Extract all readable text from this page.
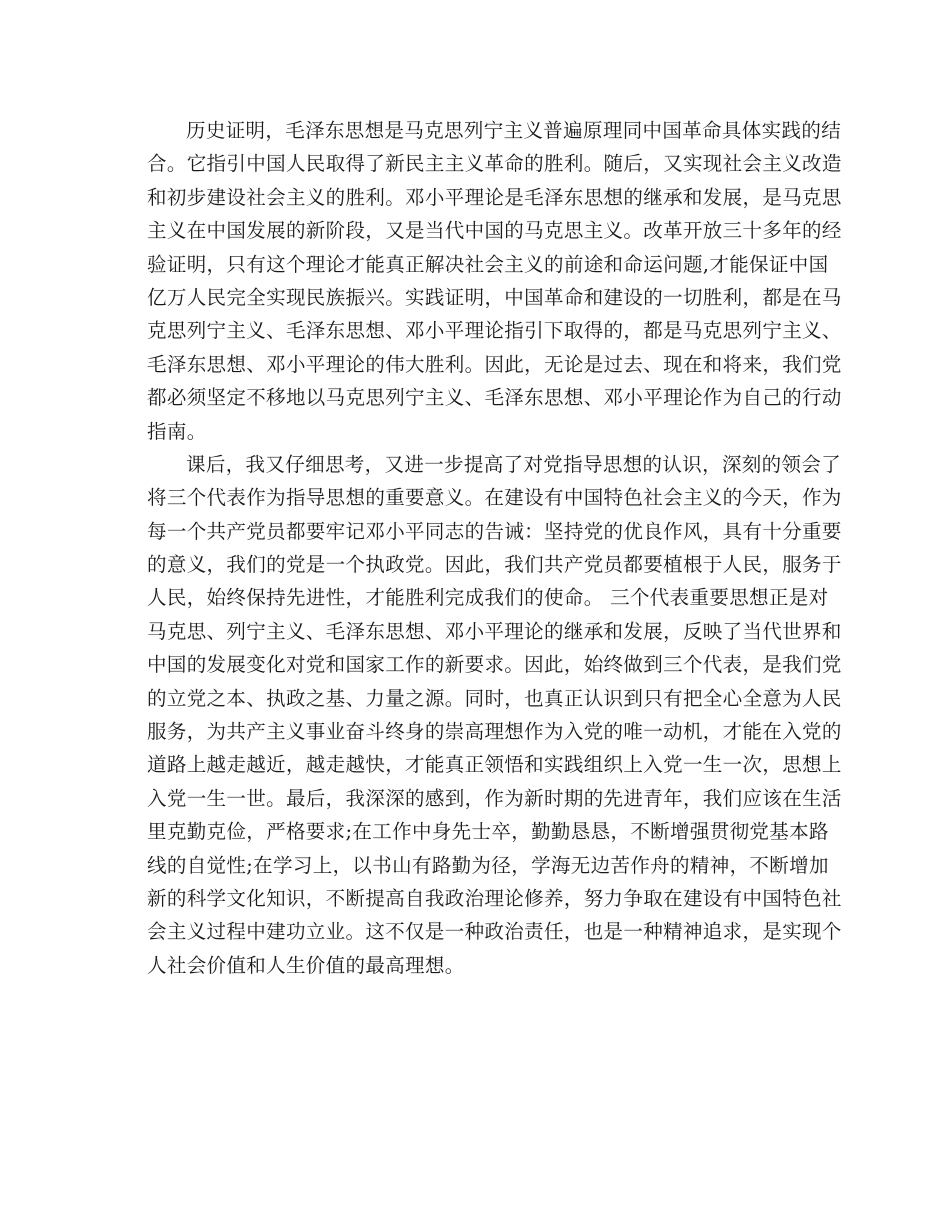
历史证明，毛泽东思想是马克思列宁主义普遍原理同中国革命具体实践的结
合。它指引中国人民取得了新民主主义革命的胜利。随后，又实现社会主义改造
和初步建设社会主义的胜利。邓小平理论是毛泽东思想的继承和发展，是马克思
主义在中国发展的新阶段，又是当代中国的马克思主义。改革开放三十多年的经
验证明，只有这个理论才能真正解决社会主义的前途和命运问题,才能保证中国
亿万人民完全实现民族振兴。实践证明，中国革命和建设的一切胜利，都是在马
克思列宁主义、毛泽东思想、邓小平理论指引下取得的，都是马克思列宁主义、
毛泽东思想、邓小平理论的伟大胜利。因此，无论是过去、现在和将来，我们党
都必须坚定不移地以马克思列宁主义、毛泽东思想、邓小平理论作为自己的行动
指南。
课后，我又仔细思考，又进一步提高了对党指导思想的认识，深刻的领会了
将三个代表作为指导思想的重要意义。在建设有中国特色社会主义的今天，作为
每一个共产党员都要牢记邓小平同志的告诫：坚持党的优良作风，具有十分重要
的意义，我们的党是一个执政党。因此，我们共产党员都要植根于人民，服务于
人民，始终保持先进性，才能胜利完成我们的使命。 三个代表重要思想正是对
马克思、列宁主义、毛泽东思想、邓小平理论的继承和发展，反映了当代世界和
中国的发展变化对党和国家工作的新要求。因此，始终做到三个代表，是我们党
的立党之本、执政之基、力量之源。同时，也真正认识到只有把全心全意为人民
服务，为共产主义事业奋斗终身的崇高理想作为入党的唯一动机，才能在入党的
道路上越走越近，越走越快，才能真正领悟和实践组织上入党一生一次，思想上
入党一生一世。最后，我深深的感到，作为新时期的先进青年，我们应该在生活
里克勤克俭，严格要求;在工作中身先士卒，勤勤恳恳，不断增强贯彻党基本路
线的自觉性;在学习上，以书山有路勤为径，学海无边苦作舟的精神，不断增加
新的科学文化知识，不断提高自我政治理论修养，努力争取在建设有中国特色社
会主义过程中建功立业。这不仅是一种政治责任，也是一种精神追求，是实现个
人社会价值和人生价值的最高理想。
